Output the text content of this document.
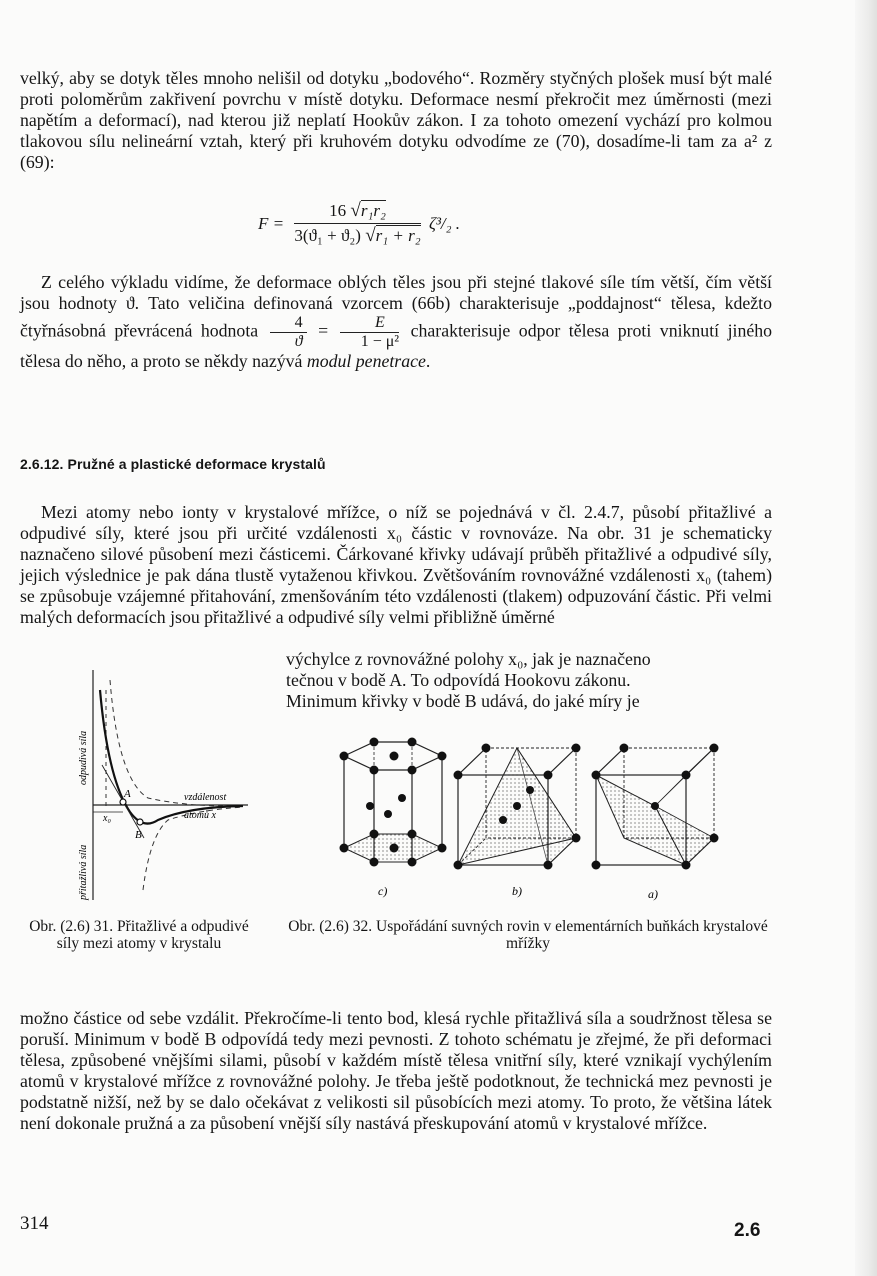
velký, aby se dotyk těles mnoho nelišil od dotyku „bodového“. Rozměry styčných plošek musí být malé proti poloměrům zakřivení povrchu v místě dotyku. Deformace nesmí překročit mez úměrnosti (mezi napětím a deformací), nad kterou již neplatí Hookův zákon. I za tohoto omezení vychází pro kolmou tlakovou sílu nelineární vztah, který při kruhovém dotyku odvodíme ze (70), dosadíme-li tam za a² z (69):

$F = \frac{\text{16 √r₁r₂}}{\text{3(ϑ₁ + ϑ₂) √r₁ + r₂}} \zeta^3/_2$ .

Z celého výkladu vidíme, že deformace oblých těles jsou při stejné tlakové síle tím větší, čím větší jsou hodnoty ϑ. Tato veličina definovaná vzorcem (66b) charakterisuje „poddajnost“ tělesa, kdežto čtyřnásobná převrácená hodnota $\frac{4}{ϑ} = \frac{E}{\text{1 − μ²}}$ charakterisuje odpor tělesa proti vniknutí jiného tělesa do něho, a proto se někdy nazývá modul penetrace.

2.6.12. Pružné a plastické deformace krystalů

Mezi atomy nebo ionty v krystalové mřížce, o níž se pojednává v čl. 2.4.7, působí přitažlivé a odpudivé síly, které jsou při určité vzdálenosti x₀ částic v rovnováze. Na obr. 31 je schematicky naznačeno silové působení mezi částicemi. Čárkované křivky udávají průběh přitažlivé a odpudivé síly, jejich výslednice je pak dána tlustě vytaženou křivkou. Zvětšováním rovnovážné vzdálenosti x₀ (tahem) se způsobuje vzájemné přitahování, zmenšováním této vzdálenosti (tlakem) odpuzování částic. Při velmi malých deformacích jsou přitažlivé a odpudivé síly velmi přibližně úměrné

výchylce z rovnovážné polohy x₀, jak je naznačeno

tečnou v bodě A. To odpovídá Hookovu zákonu.

Minimum křivky v bodě B udává, do jaké míry je

x₀
A
B
vzdálenost
atomů x
odpudivá síla
přitažlivá síla	c)	b)	a)
Obr. (2.6) 31. Přitažlivé a odpudivé síly mezi atomy v krystalu
Obr. (2.6) 32. Uspořádání suvných rovin v elementárních buňkách krystalové mřížky

možno částice od sebe vzdálit. Překročíme-li tento bod, klesá rychle přitažlivá síla a soudržnost tělesa se poruší. Minimum v bodě B odpovídá tedy mezi pevnosti. Z tohoto schématu je zřejmé, že při deformaci tělesa, způsobené vnějšími silami, působí v každém místě tělesa vnitřní síly, které vznikají vychýlením atomů v krystalové mřížce z rovnovážné polohy. Je třeba ještě podotknout, že technická mez pevnosti je podstatně nižší, než by se dalo očekávat z velikosti sil působících mezi atomy. To proto, že většina látek není dokonale pružná a za působení vnější síly nastává přeskupování atomů v krystalové mřížce.

314	2.6
